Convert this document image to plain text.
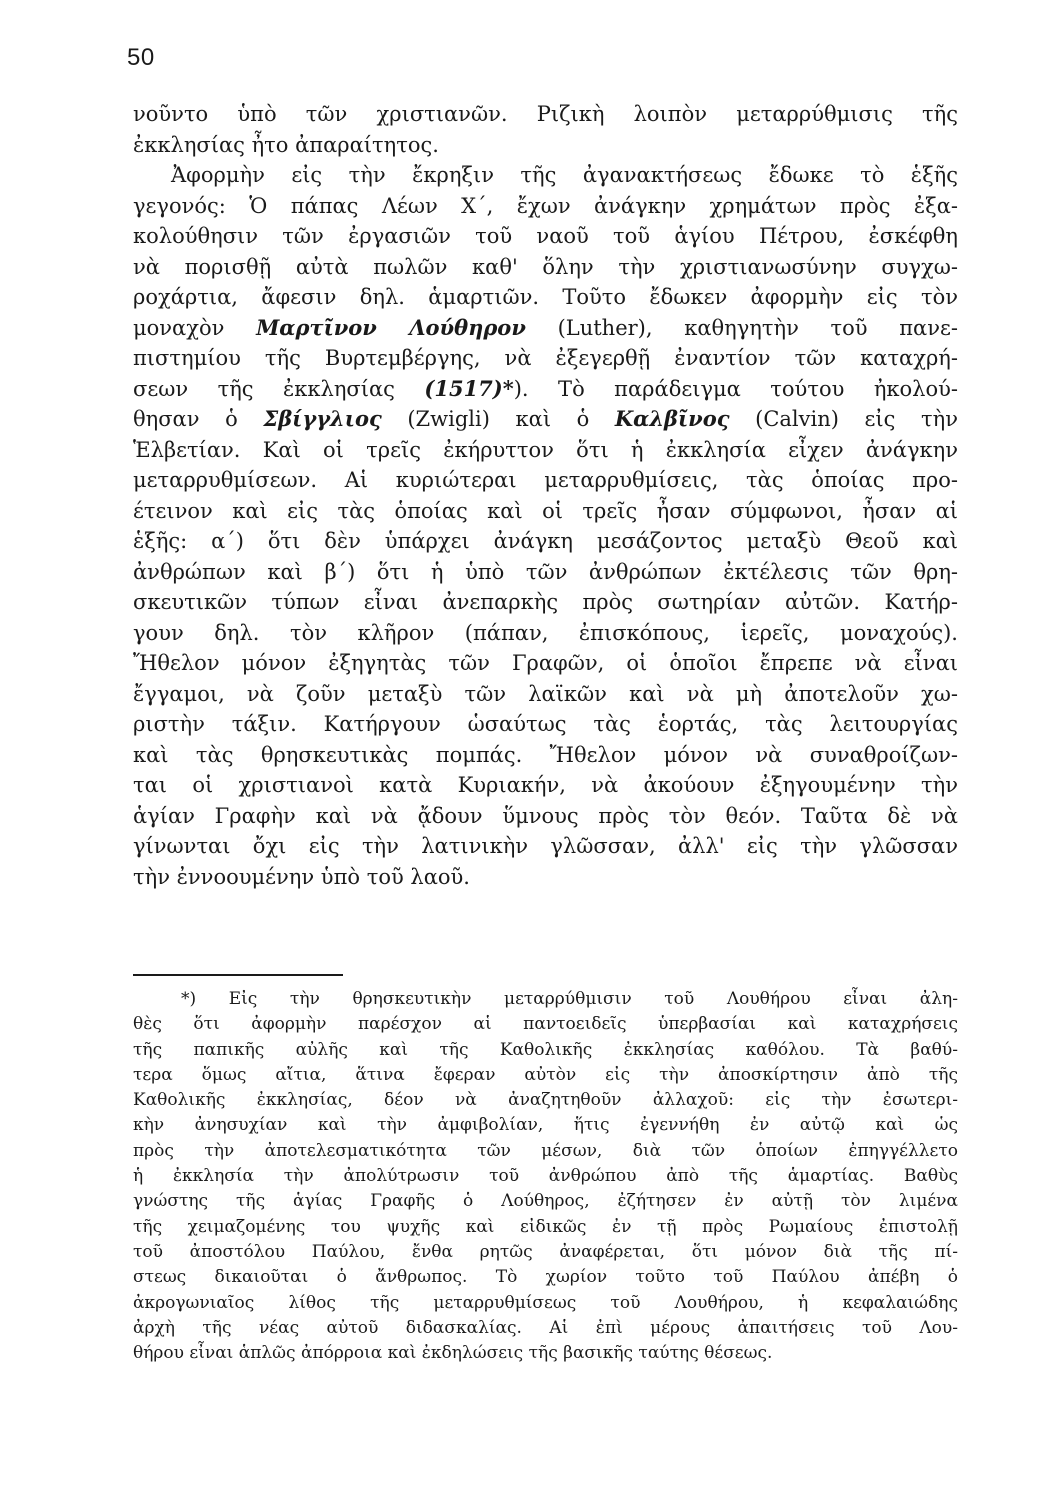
50
νοῦντο ὑπὸ τῶν χριστιανῶν. Ριζικὴ λοιπὸν μεταρρύθμισις τῆς
ἐκκλησίας ἦτο ἀπαραίτητος.
Ἀφορμὴν εἰς τὴν ἔκρηξιν τῆς ἀγανακτήσεως ἔδωκε τὸ ἑξῆς
γεγονός: Ὁ πάπας Λέων Χ΄, ἔχων ἀνάγκην χρημάτων πρὸς ἐξα-
κολούθησιν τῶν ἐργασιῶν τοῦ ναοῦ τοῦ ἁγίου Πέτρου, ἐσκέφθη
νὰ πορισθῇ αὐτὰ πωλῶν καθ' ὅλην τὴν χριστιανωσύνην συγχω-
ροχάρτια, ἄφεσιν δηλ. ἁμαρτιῶν. Τοῦτο ἔδωκεν ἀφορμὴν εἰς τὸν
μοναχὸν Μαρτῖνον Λούθηρον (Luther), καθηγητὴν τοῦ πανε-
πιστημίου τῆς Βυρτεμβέργης, νὰ ἐξεγερθῇ ἐναντίον τῶν καταχρή-
σεων τῆς ἐκκλησίας (1517)*). Τὸ παράδειγμα τούτου ἠκολού-
θησαν ὁ Σβίγγλιος (Zwigli) καὶ ὁ Καλβῖνος (Calvin) εἰς τὴν
Ἑλβετίαν. Καὶ οἱ τρεῖς ἐκήρυττον ὅτι ἡ ἐκκλησία εἶχεν ἀνάγκην
μεταρρυθμίσεων. Αἱ κυριώτεραι μεταρρυθμίσεις, τὰς ὁποίας προ-
έτεινον καὶ εἰς τὰς ὁποίας καὶ οἱ τρεῖς ἦσαν σύμφωνοι, ἦσαν αἱ
ἑξῆς: α΄) ὅτι δὲν ὑπάρχει ἀνάγκη μεσάζοντος μεταξὺ Θεοῦ καὶ
ἀνθρώπων καὶ β΄) ὅτι ἡ ὑπὸ τῶν ἀνθρώπων ἐκτέλεσις τῶν θρη-
σκευτικῶν τύπων εἶναι ἀνεπαρκὴς πρὸς σωτηρίαν αὐτῶν. Κατήρ-
γουν δηλ. τὸν κλῆρον (πάπαν, ἐπισκόπους, ἱερεῖς, μοναχούς).
Ἤθελον μόνον ἐξηγητὰς τῶν Γραφῶν, οἱ ὁποῖοι ἔπρεπε νὰ εἶναι
ἔγγαμοι, νὰ ζοῦν μεταξὺ τῶν λαϊκῶν καὶ νὰ μὴ ἀποτελοῦν χω-
ριστὴν τάξιν. Κατήργουν ὡσαύτως τὰς ἑορτάς, τὰς λειτουργίας
καὶ τὰς θρησκευτικὰς πομπάς. Ἤθελον μόνον νὰ συναθροίζων-
ται οἱ χριστιανοὶ κατὰ Κυριακήν, νὰ ἀκούουν ἐξηγουμένην τὴν
ἁγίαν Γραφὴν καὶ νὰ ᾄδουν ὕμνους πρὸς τὸν θεόν. Ταῦτα δὲ νὰ
γίνωνται ὄχι εἰς τὴν λατινικὴν γλῶσσαν, ἀλλ' εἰς τὴν γλῶσσαν
τὴν ἐννοουμένην ὑπὸ τοῦ λαοῦ.
*) Εἰς τὴν θρησκευτικὴν μεταρρύθμισιν τοῦ Λουθήρου εἶναι ἀλη-
θὲς ὅτι ἀφορμὴν παρέσχον αἱ παντοειδεῖς ὑπερβασίαι καὶ καταχρήσεις
τῆς παπικῆς αὐλῆς καὶ τῆς Καθολικῆς ἐκκλησίας καθόλου. Τὰ βαθύ-
τερα ὅμως αἴτια, ἅτινα ἔφεραν αὐτὸν εἰς τὴν ἀποσκίρτησιν ἀπὸ τῆς
Καθολικῆς ἐκκλησίας, δέον νὰ ἀναζητηθοῦν ἀλλαχοῦ: εἰς τὴν ἐσωτερι-
κὴν ἀνησυχίαν καὶ τὴν ἀμφιβολίαν, ἥτις ἐγεννήθη ἐν αὐτῷ καὶ ὡς
πρὸς τὴν ἀποτελεσματικότητα τῶν μέσων, διὰ τῶν ὁποίων ἐπηγγέλλετο
ἡ ἐκκλησία τὴν ἀπολύτρωσιν τοῦ ἀνθρώπου ἀπὸ τῆς ἁμαρτίας. Βαθὺς
γνώστης τῆς ἁγίας Γραφῆς ὁ Λούθηρος, ἐζήτησεν ἐν αὐτῇ τὸν λιμένα
τῆς χειμαζομένης του ψυχῆς καὶ εἰδικῶς ἐν τῇ πρὸς Ρωμαίους ἐπιστολῇ
τοῦ ἀποστόλου Παύλου, ἔνθα ρητῶς ἀναφέρεται, ὅτι μόνον διὰ τῆς πί-
στεως δικαιοῦται ὁ ἄνθρωπος. Τὸ χωρίον τοῦτο τοῦ Παύλου ἀπέβη ὁ
ἀκρογωνιαῖος λίθος τῆς μεταρρυθμίσεως τοῦ Λουθήρου, ἡ κεφαλαιώδης
ἀρχὴ τῆς νέας αὐτοῦ διδασκαλίας. Αἱ ἐπὶ μέρους ἀπαιτήσεις τοῦ Λου-
θήρου εἶναι ἁπλῶς ἀπόρροια καὶ ἐκδηλώσεις τῆς βασικῆς ταύτης θέσεως.
